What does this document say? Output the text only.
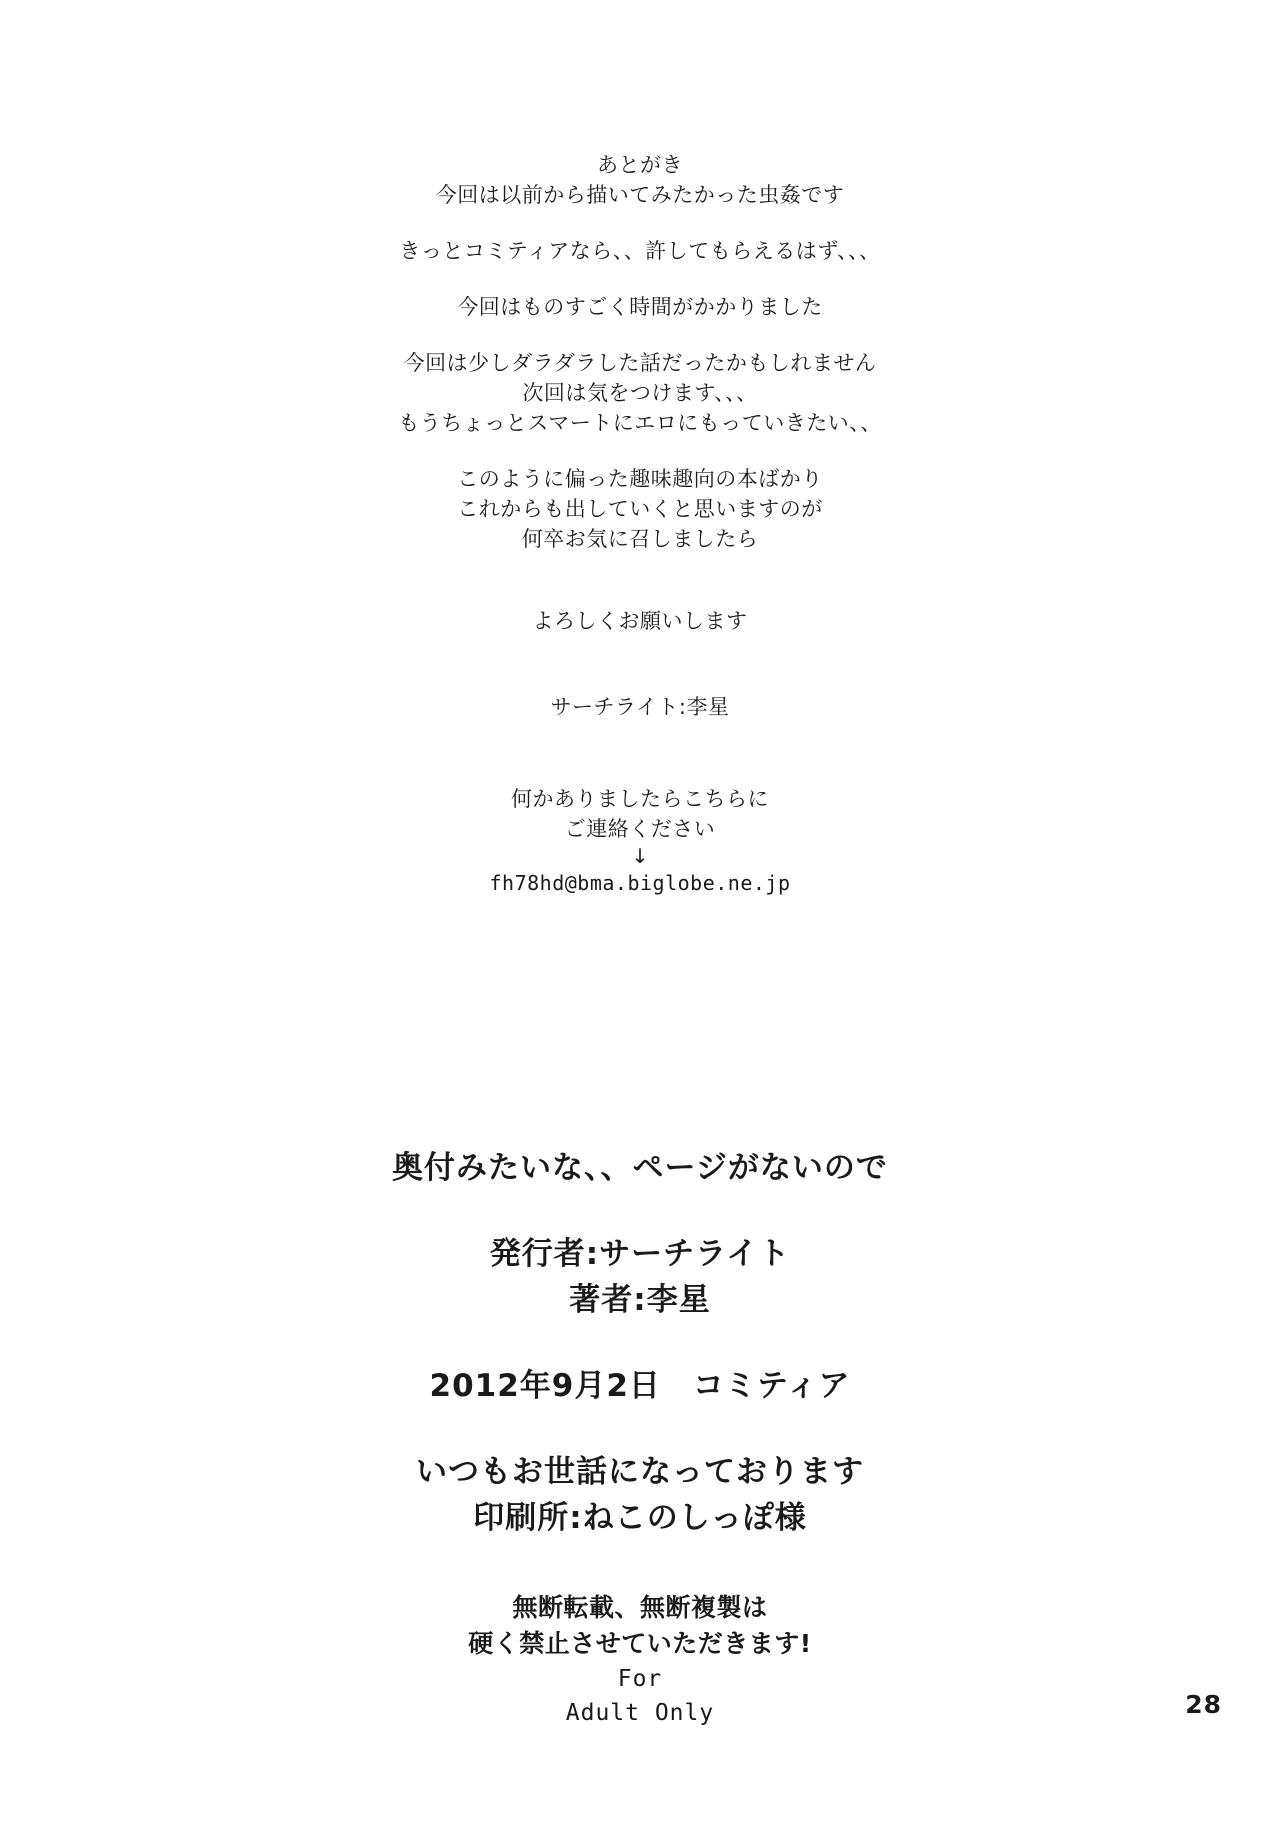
あとがき
今回は以前から描いてみたかった虫姦です
きっとコミティアなら、、許してもらえるはず、、、
今回はものすごく時間がかかりました
今回は少しダラダラした話だったかもしれません
次回は気をつけます、、、
もうちょっとスマートにエロにもっていきたい、、
このように偏った趣味趣向の本ばかり
これからも出していくと思いますのが
何卒お気に召しましたら
よろしくお願いします
サーチライト:李星
何かありましたらこちらに
ご連絡ください
↓
fh78hd@bma.biglobe.ne.jp
奥付みたいな、、ページがないので
発行者:サーチライト
著者:李星
2012年9月2日　コミティア
いつもお世話になっております
印刷所:ねこのしっぽ様
無断転載、無断複製は
硬く禁止させていただきます!
For
Adult Only	28
